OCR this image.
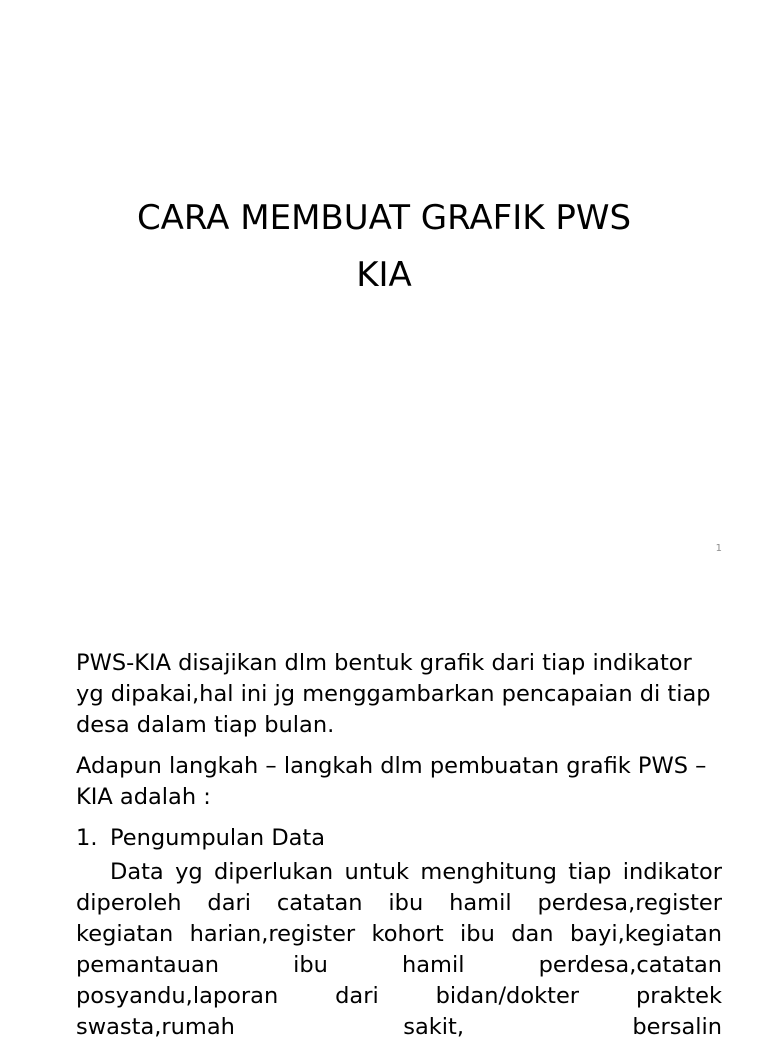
CARA MEMBUAT GRAFIK PWS
KIA
1

PWS-KIA disajikan dlm bentuk grafik dari tiap indikator yg dipakai,hal ini jg menggambarkan pencapaian di tiap desa dalam tiap bulan.

Adapun langkah – langkah dlm pembuatan grafik PWS – KIA adalah :

1. Pengumpulan Data

Data yg diperlukan untuk menghitung tiap indikator diperoleh dari catatan ibu hamil perdesa,register kegiatan harian,register kohort ibu dan bayi,kegiatan pemantauan ibu hamil perdesa,catatan posyandu,laporan dari bidan/dokter praktek swasta,rumah sakit, bersalin
